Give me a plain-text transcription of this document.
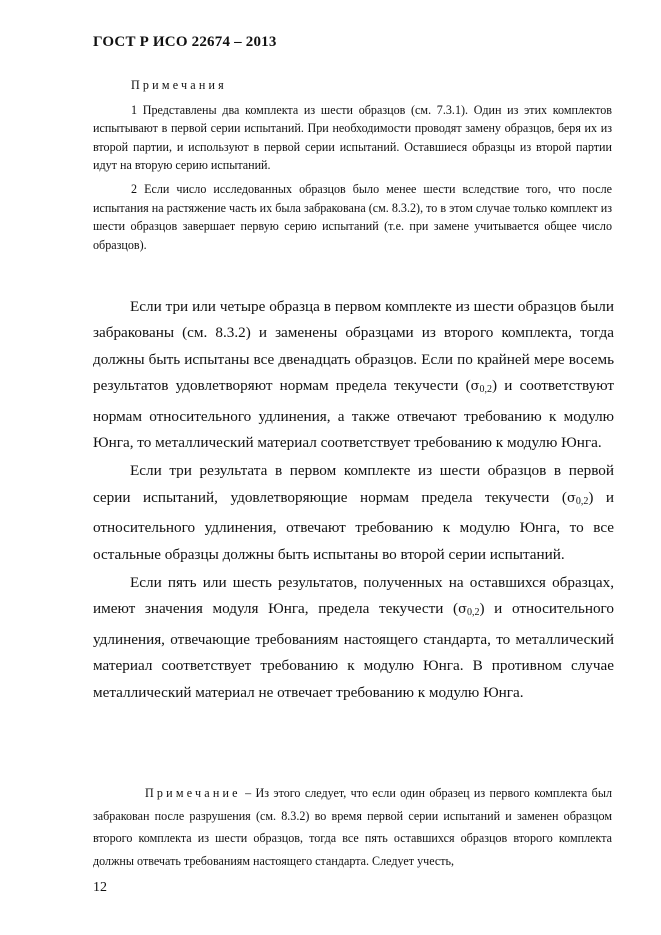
ГОСТ Р ИСО 22674 – 2013

Примечания

1 Представлены два комплекта из шести образцов (см. 7.3.1). Один из этих комплектов испытывают в первой серии испытаний. При необходимости проводят замену образцов, беря их из второй партии, и используют в первой серии испытаний. Оставшиеся образцы из второй партии идут на вторую серию испытаний.

2 Если число исследованных образцов было менее шести вследствие того, что после испытания на растяжение часть их была забракована (см. 8.3.2), то в этом случае только комплект из шести образцов завершает первую серию испытаний (т.е. при замене учитывается общее число образцов).

Если три или четыре образца в первом комплекте из шести образцов были забракованы (см. 8.3.2) и заменены образцами из второго комплекта, тогда должны быть испытаны все двенадцать образцов. Если по крайней мере восемь результатов удовлетворяют нормам предела текучести $(\sigma_{0,2})$ и соответствуют нормам относительного удлинения, а также отвечают требованию к модулю Юнга, то металлический материал соответствует требованию к модулю Юнга.

Если три результата в первом комплекте из шести образцов в первой серии испытаний, удовлетворяющие нормам предела текучести $(\sigma_{0,2})$ и относительного удлинения, отвечают требованию к модулю Юнга, то все остальные образцы должны быть испытаны во второй серии испытаний.

Если пять или шесть результатов, полученных на оставшихся образцах, имеют значения модуля Юнга, предела текучести $(\sigma_{0,2})$ и относительного удлинения, отвечающие требованиям настоящего стандарта, то металлический материал соответствует требованию к модулю Юнга. В противном случае металлический материал не отвечает требованию к модулю Юнга.

Примечание – Из этого следует, что если один образец из первого комплекта был забракован после разрушения (см. 8.3.2) во время первой серии испытаний и заменен образцом второго комплекта из шести образцов, тогда все пять оставшихся образцов второго комплекта должны отвечать требованиям настоящего стандарта. Следует учесть,

12
